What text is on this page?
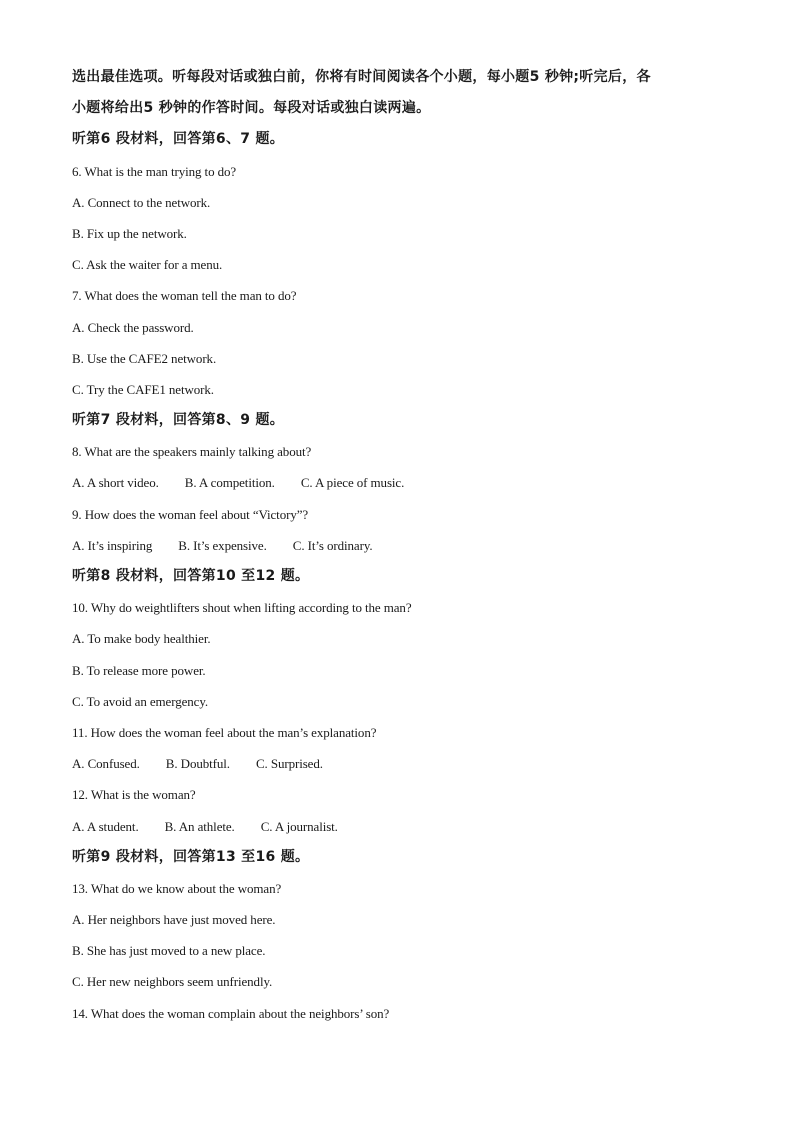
选出最佳选项。听每段对话或独白前，你将有时间阅读各个小题，每小题5 秒钟;听完后，各
小题将给出5 秒钟的作答时间。每段对话或独白读两遍。
听第6 段材料，回答第6、7 题。
6. What is the man trying to do?
A. Connect to the network.
B. Fix up the network.
C. Ask the waiter for a menu.
7. What does the woman tell the man to do?
A. Check the password.
B. Use the CAFE2 network.
C. Try the CAFE1 network.
听第7 段材料，回答第8、9 题。
8. What are the speakers mainly talking about?
A. A short video. B. A competition. C. A piece of music.
9. How does the woman feel about “Victory”?
A. It’s inspiring B. It’s expensive. C. It’s ordinary.
听第8 段材料，回答第10 至12 题。
10. Why do weightlifters shout when lifting according to the man?
A. To make body healthier.
B. To release more power.
C. To avoid an emergency.
11. How does the woman feel about the man’s explanation?
A. Confused. B. Doubtful. C. Surprised.
12. What is the woman?
A. A student. B. An athlete. C. A journalist.
听第9 段材料，回答第13 至16 题。
13. What do we know about the woman?
A. Her neighbors have just moved here.
B. She has just moved to a new place.
C. Her new neighbors seem unfriendly.
14. What does the woman complain about the neighbors’ son?
